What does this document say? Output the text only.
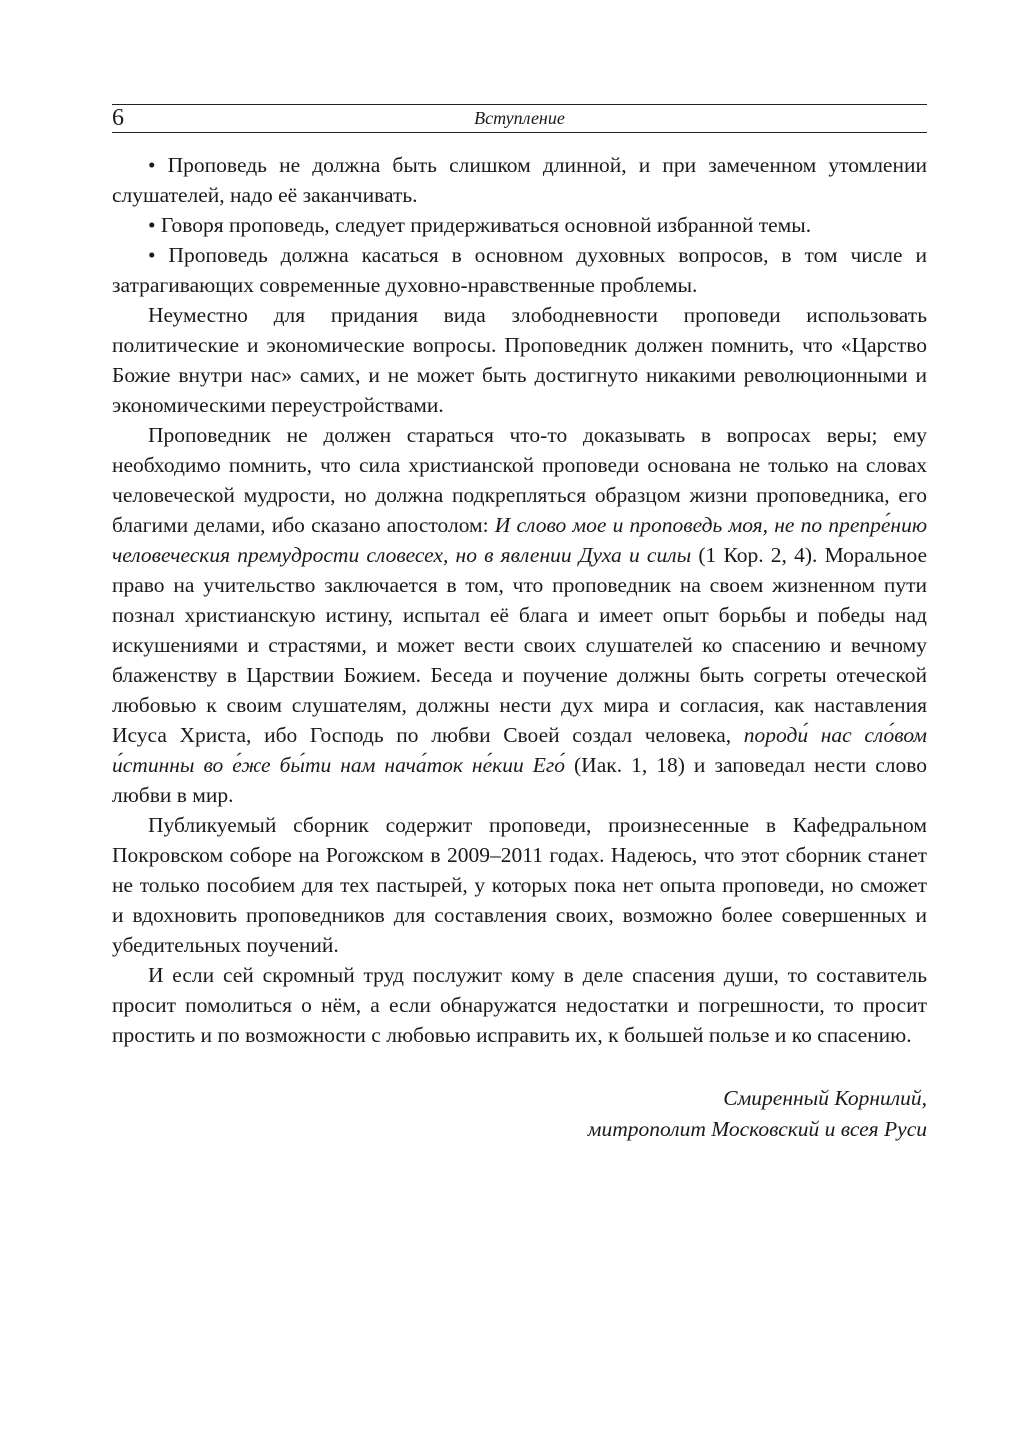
6	Вступление

• Проповедь не должна быть слишком длинной, и при замеченном утомлении слушателей, надо её заканчивать.

• Говоря проповедь, следует придерживаться основной избранной темы.

• Проповедь должна касаться в основном духовных вопросов, в том числе и затрагивающих современные духовно-нравственные проблемы.

Неуместно для придания вида злободневности проповеди использовать политические и экономические вопросы. Проповедник должен помнить, что «Царство Божие внутри нас» самих, и не может быть достигнуто никакими революционными и экономическими переустройствами.

Проповедник не должен стараться что-то доказывать в вопросах веры; ему необходимо помнить, что сила христианской проповеди основана не только на словах человеческой мудрости, но должна подкрепляться образцом жизни проповедника, его благими делами, ибо сказано апостолом: И слово мое и проповедь моя, не по препре́нию человеческия премудрости словесех, но в явлении Духа и силы (1 Кор. 2, 4). Моральное право на учительство заключается в том, что проповедник на своем жизненном пути познал христианскую истину, испытал её блага и имеет опыт борьбы и победы над искушениями и страстями, и может вести своих слушателей ко спасению и вечному блаженству в Царствии Божием. Беседа и поучение должны быть согреты отеческой любовью к своим слушателям, должны нести дух мира и согласия, как наставления Исуса Христа, ибо Господь по любви Своей создал человека, породи́ нас сло́вом и́стинны во е́же бы́ти нам нача́ток не́кии Его́ (Иак. 1, 18) и заповедал нести слово любви в мир.

Публикуемый сборник содержит проповеди, произнесенные в Кафедральном Покровском соборе на Рогожском в 2009–2011 годах. Надеюсь, что этот сборник станет не только пособием для тех пастырей, у которых пока нет опыта проповеди, но сможет и вдохновить проповедников для составления своих, возможно более совершенных и убедительных поучений.

И если сей скромный труд послужит кому в деле спасения души, то составитель просит помолиться о нём, а если обнаружатся недостатки и погрешности, то просит простить и по возможности с любовью исправить их, к большей пользе и ко спасению.

Смиренный Корнилий,
митрополит Московский и всея Руси
